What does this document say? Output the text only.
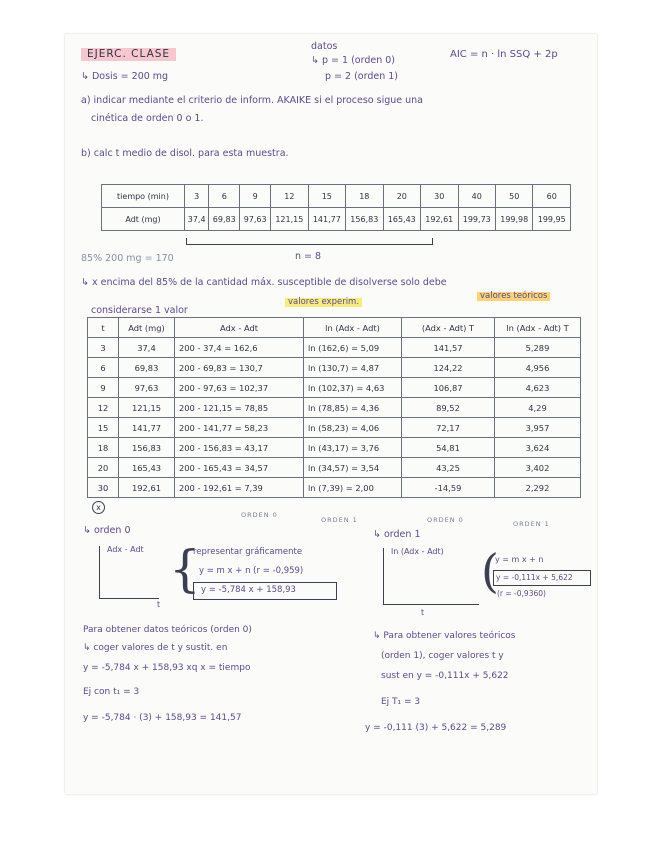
EJERC. CLASE
datos
↳ p = 1 (orden 0)
p = 2 (orden 1)
AIC = n · ln SSQ + 2p
↳ Dosis = 200 mg
a) indicar mediante el criterio de inform. AKAIKE si el proceso sigue una
cinética de orden 0 o 1.
b) calc t medio de disol. para esta muestra.
tiempo (min)	3	6	9	12	15	18	20	30	40	50	60
Adt (mg)	37,4	69,83	97,63	121,15	141,77	156,83	165,43	192,61	199,73	199,98	199,95
85% 200 mg = 170	n = 8
↳ x encima del 85% de la cantidad máx. susceptible de disolverse solo debe
considerarse 1 valor
valores experim.
valores teóricos
t	Adt (mg)	Adx - Adt	ln (Adx - Adt)	(Adx - Adt) T	ln (Adx - Adt) T
3	37,4	200 - 37,4 = 162,6	ln (162,6) = 5,09	141,57	5,289
6	69,83	200 - 69,83 = 130,7	ln (130,7) = 4,87	124,22	4,956
9	97,63	200 - 97,63 = 102,37	ln (102,37) = 4,63	106,87	4,623
12	121,15	200 - 121,15 = 78,85	ln (78,85) = 4,36	89,52	4,29
15	141,77	200 - 141,77 = 58,23	ln (58,23) = 4,06	72,17	3,957
18	156,83	200 - 156,83 = 43,17	ln (43,17) = 3,76	54,81	3,624
20	165,43	200 - 165,43 = 34,57	ln (34,57) = 3,54	43,25	3,402
30	192,61	200 - 192,61 = 7,39	ln (7,39) = 2,00	-14,59	2,292
x
ORDEN 0
ORDEN 1	ORDEN 0	ORDEN 1
↳ orden 0
Adx - Adt
t
{
representar gráficamente
y = m x + n (r = -0,959)
y = -5,784 x + 158,93
Para obtener datos teóricos (orden 0)
↳ coger valores de t y sustit. en
y = -5,784 x + 158,93 xq x = tiempo
Ej con t₁ = 3
y = -5,784 · (3) + 158,93 = 141,57
↳ orden 1
ln (Adx - Adt)
t
(
y = m x + n
y = -0,111x + 5,622
(r = -0,9360)
↳ Para obtener valores teóricos
(orden 1), coger valores t y
sust en y = -0,111x + 5,622
Ej T₁ = 3
y = -0,111 (3) + 5,622 = 5,289
